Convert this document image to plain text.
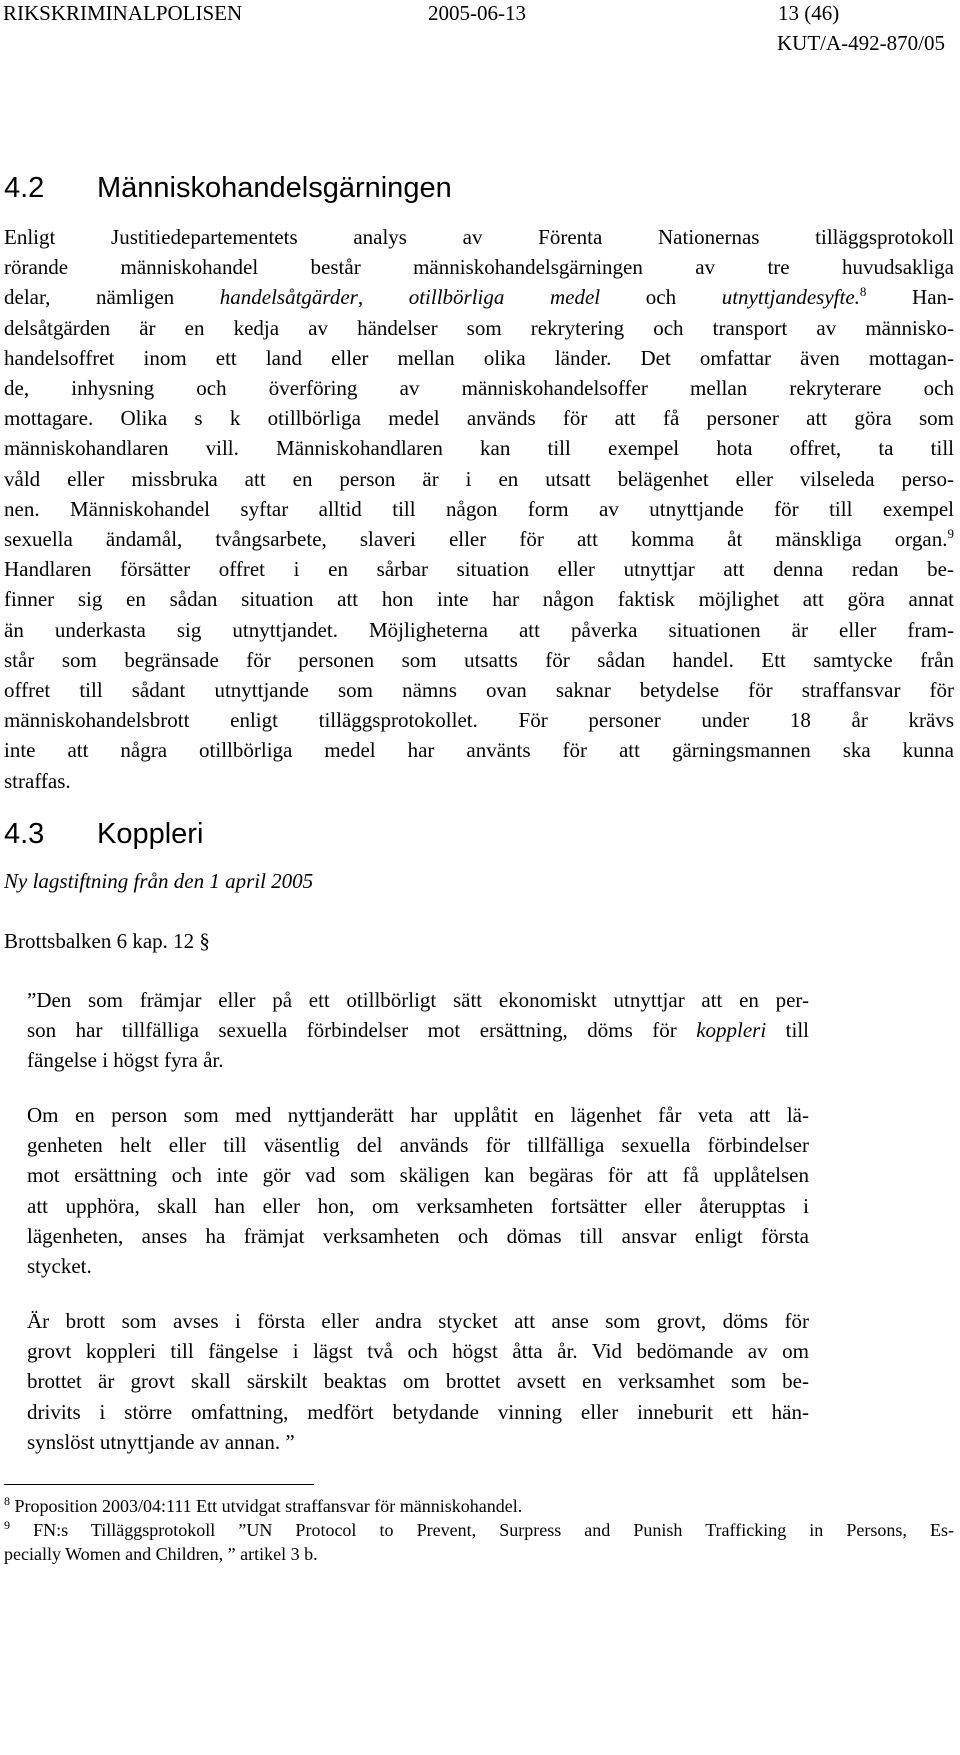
RIKSKRIMINALPOLISEN	2005-06-13	13 (46)
KUT/A-492-870/05
4.2 Människohandelsgärningen
Enligt Justitiedepartementets analys av Förenta Nationernas tilläggsprotokoll
rörande människohandel består människohandelsgärningen av tre huvudsakliga
delar, nämligen handelsåtgärder, otillbörliga medel och utnyttjandesyfte.$^8$ Han-
delsåtgärden är en kedja av händelser som rekrytering och transport av människo-
handelsoffret inom ett land eller mellan olika länder. Det omfattar även mottagan-
de, inhysning och överföring av människohandelsoffer mellan rekryterare och
mottagare. Olika s k otillbörliga medel används för att få personer att göra som
människohandlaren vill. Människohandlaren kan till exempel hota offret, ta till
våld eller missbruka att en person är i en utsatt belägenhet eller vilseleda perso-
nen. Människohandel syftar alltid till någon form av utnyttjande för till exempel
sexuella ändamål, tvångsarbete, slaveri eller för att komma åt mänskliga organ.$^9$
Handlaren försätter offret i en sårbar situation eller utnyttjar att denna redan be-
finner sig en sådan situation att hon inte har någon faktisk möjlighet att göra annat
än underkasta sig utnyttjandet. Möjligheterna att påverka situationen är eller fram-
står som begränsade för personen som utsatts för sådan handel. Ett samtycke från
offret till sådant utnyttjande som nämns ovan saknar betydelse för straffansvar för
människohandelsbrott enligt tilläggsprotokollet. För personer under 18 år krävs
inte att några otillbörliga medel har använts för att gärningsmannen ska kunna
straffas.
4.3 Koppleri
Ny lagstiftning från den 1 april 2005
Brottsbalken 6 kap. 12 §
”Den som främjar eller på ett otillbörligt sätt ekonomiskt utnyttjar att en per-
son har tillfälliga sexuella förbindelser mot ersättning, döms för koppleri till
fängelse i högst fyra år.
Om en person som med nyttjanderätt har upplåtit en lägenhet får veta att lä-
genheten helt eller till väsentlig del används för tillfälliga sexuella förbindelser
mot ersättning och inte gör vad som skäligen kan begäras för att få upplåtelsen
att upphöra, skall han eller hon, om verksamheten fortsätter eller återupptas i
lägenheten, anses ha främjat verksamheten och dömas till ansvar enligt första
stycket.
Är brott som avses i första eller andra stycket att anse som grovt, döms för
grovt koppleri till fängelse i lägst två och högst åtta år. Vid bedömande av om
brottet är grovt skall särskilt beaktas om brottet avsett en verksamhet som be-
drivits i större omfattning, medfört betydande vinning eller inneburit ett hän-
synslöst utnyttjande av annan. ”
$^8$ Proposition 2003/04:111 Ett utvidgat straffansvar för människohandel.
$^9$ FN:s Tilläggsprotokoll ”UN Protocol to Prevent, Surpress and Punish Trafficking in Persons, Es-
pecially Women and Children, ” artikel 3 b.
